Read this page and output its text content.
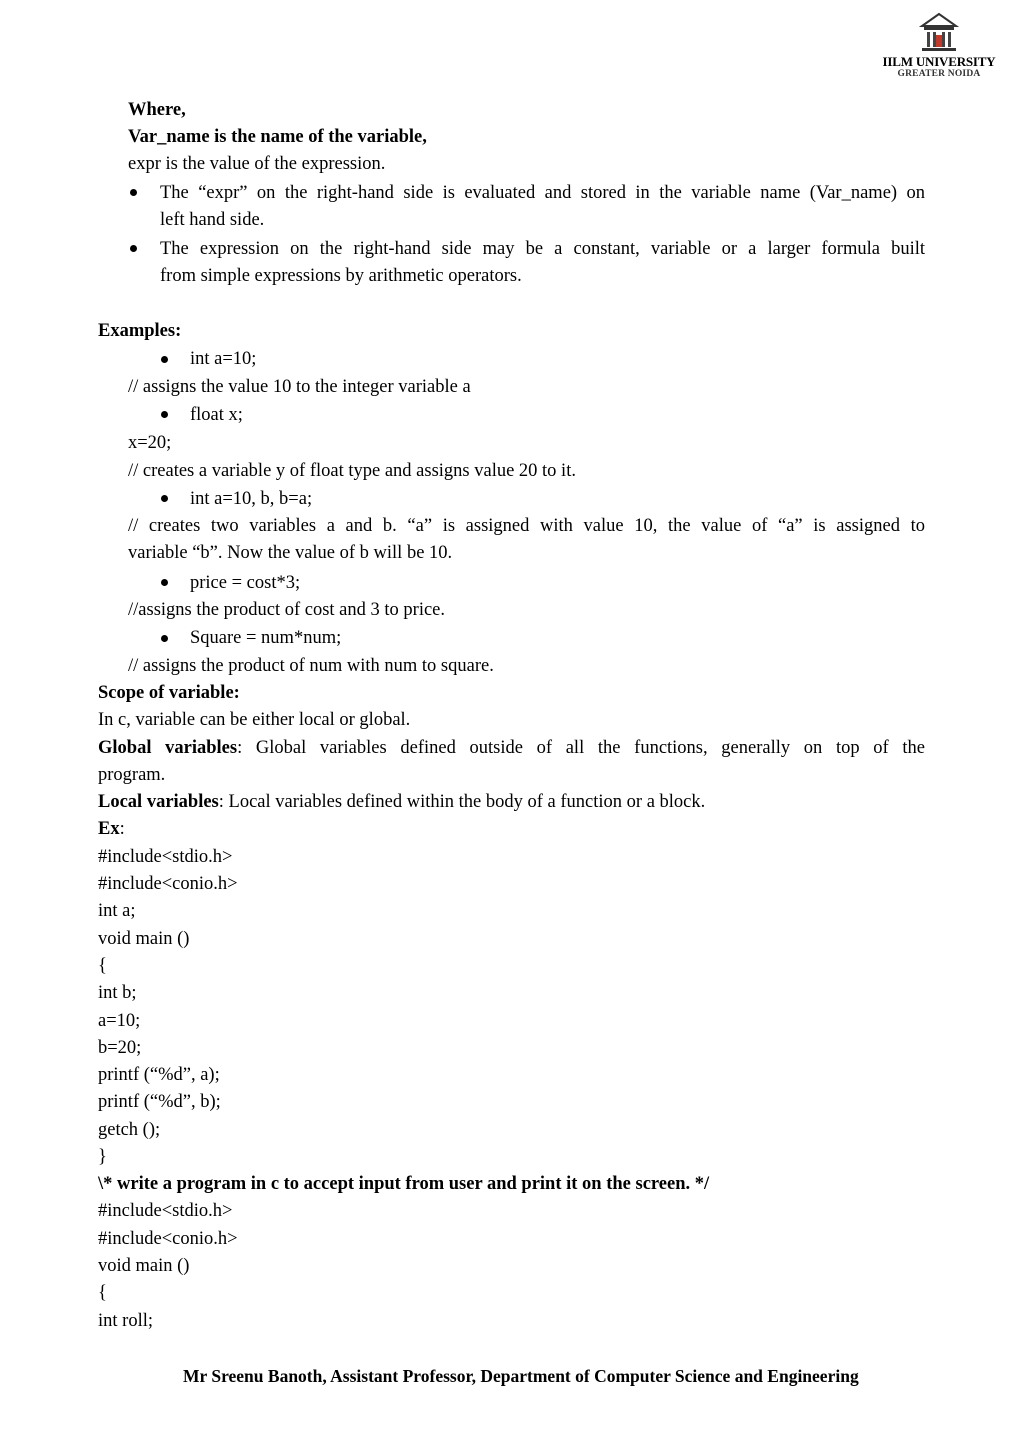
IILM UNIVERSITY
GREATER NOIDA
Where,
Var_name is the name of the variable,
expr is the value of the expression.
The “expr” on the right-hand side is evaluated and stored in the variable name (Var_name) on
left hand side.
The expression on the right-hand side may be a constant, variable or a larger formula built
from simple expressions by arithmetic operators.
Examples:
int a=10;
// assigns the value 10 to the integer variable a
float x;
x=20;
// creates a variable y of float type and assigns value 20 to it.
int a=10, b, b=a;
// creates two variables a and b. “a” is assigned with value 10, the value of “a” is assigned to
variable “b”. Now the value of b will be 10.
price = cost*3;
//assigns the product of cost and 3 to price.
Square = num*num;
// assigns the product of num with num to square.
Scope of variable:
In c, variable can be either local or global.
Global variables: Global variables defined outside of all the functions, generally on top of the
program.
Local variables: Local variables defined within the body of a function or a block.
Ex:
#include<stdio.h>
#include<conio.h>
int a;
void main ()
{
int b;
a=10;
b=20;
printf (“%d”, a);
printf (“%d”, b);
getch ();
}
\* write a program in c to accept input from user and print it on the screen. */
#include<stdio.h>
#include<conio.h>
void main ()
{
int roll;
Mr Sreenu Banoth, Assistant Professor, Department of Computer Science and Engineering
